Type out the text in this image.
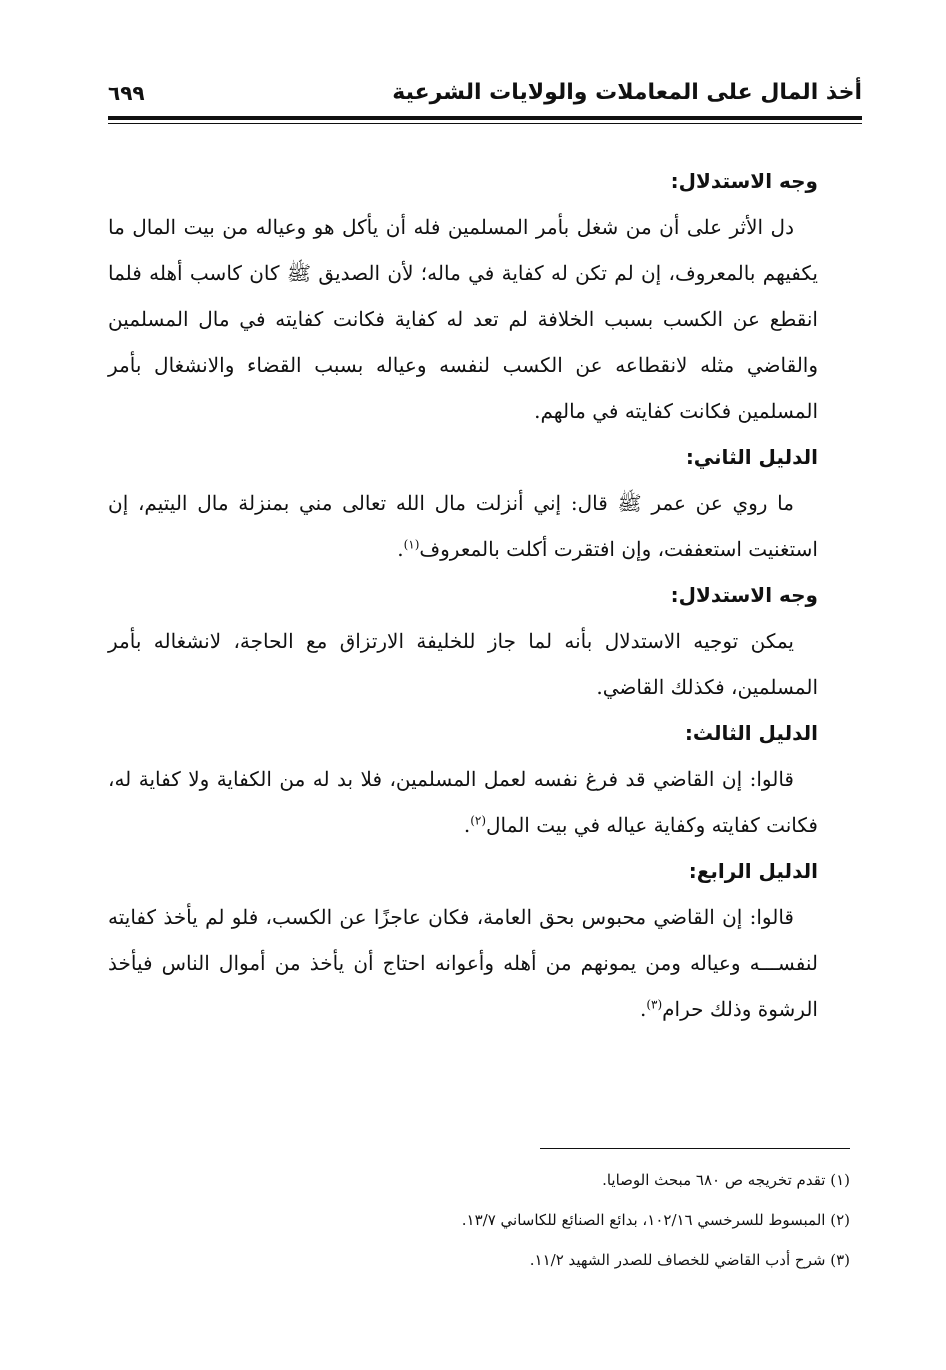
أخذ المال على المعاملات والولايات الشرعية
٦٩٩

وجه الاستدلال:

دل الأثر على أن من شغل بأمر المسلمين فله أن يأكل هو وعياله من بيت المال ما يكفيهم بالمعروف، إن لم تكن له كفاية في ماله؛ لأن الصديق ﷺ كان كاسب أهله فلما انقطع عن الكسب بسبب الخلافة لم تعد له كفاية فكانت كفايته في مال المسلمين والقاضي مثله لانقطاعه عن الكسب لنفسه وعياله بسبب القضاء والانشغال بأمر المسلمين فكانت كفايته في مالهم.

الدليل الثاني:

ما روي عن عمر ﷺ قال: إني أنزلت مال الله تعالى مني بمنزلة مال اليتيم، إن استغنيت استعففت، وإن افتقرت أكلت بالمعروف$^{(١)}$.

وجه الاستدلال:

يمكن توجيه الاستدلال بأنه لما جاز للخليفة الارتزاق مع الحاجة، لانشغاله بأمر المسلمين، فكذلك القاضي.

الدليل الثالث:

قالوا: إن القاضي قد فرغ نفسه لعمل المسلمين، فلا بد له من الكفاية ولا كفاية له، فكانت كفايته وكفاية عياله في بيت المال$^{(٢)}$.

الدليل الرابع:

قالوا: إن القاضي محبوس بحق العامة، فكان عاجزًا عن الكسب، فلو لم يأخذ كفايته لنفســـه وعياله ومن يمونهم من أهله وأعوانه احتاج أن يأخذ من أموال الناس فيأخذ الرشوة وذلك حرام$^{(٣)}$.

(١) تقدم تخريجه ص ٦٨٠ مبحث الوصايا.

(٢) المبسوط للسرخسي ١٠٢/١٦، بدائع الصنائع للكاساني ١٣/٧.

(٣) شرح أدب القاضي للخصاف للصدر الشهيد ١١/٢.
